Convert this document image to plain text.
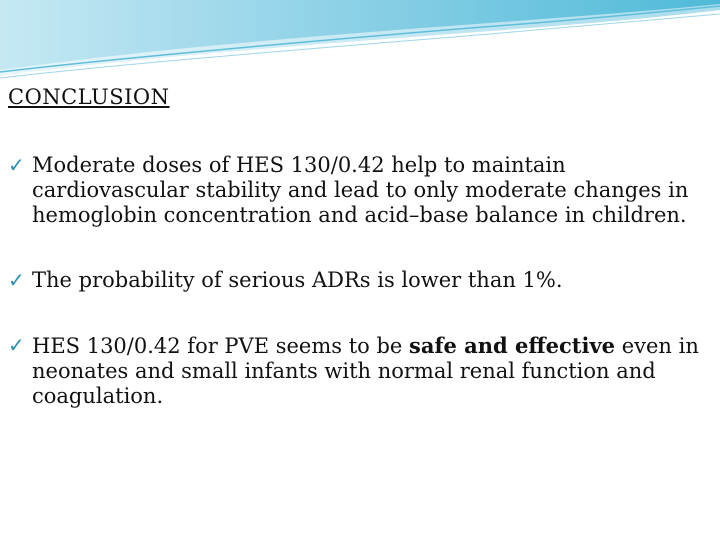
CONCLUSION
✓ Moderate doses of HES 130/0.42 help to maintain cardiovascular stability and lead to only moderate changes in hemoglobin concentration and acid–base balance in children.
✓ The probability of serious ADRs is lower than 1%.
✓ HES 130/0.42 for PVE seems to be safe and effective even in neonates and small infants with normal renal function and coagulation.
